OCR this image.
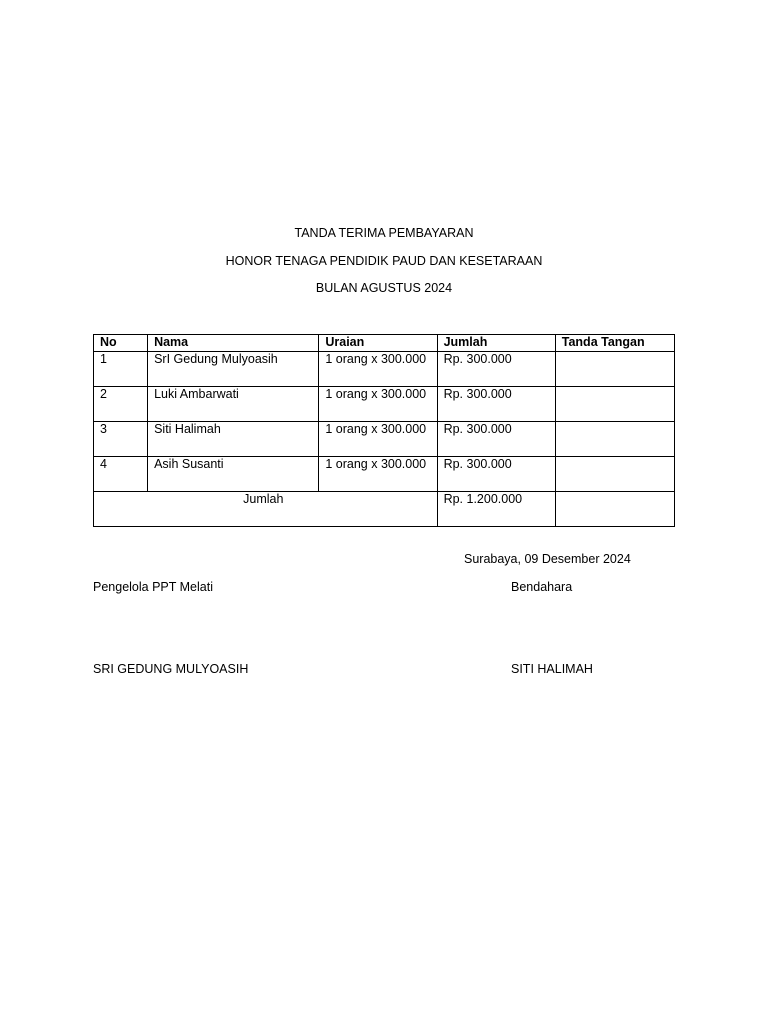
TANDA TERIMA PEMBAYARAN
HONOR TENAGA PENDIDIK PAUD DAN KESETARAAN
BULAN AGUSTUS 2024
No	Nama	Uraian	Jumlah	Tanda Tangan
1	SrI Gedung Mulyoasih	1 orang x 300.000	Rp. 300.000	
2	Luki Ambarwati	1 orang x 300.000	Rp. 300.000	
3	Siti Halimah	1 orang x 300.000	Rp. 300.000	
4	Asih Susanti	1 orang x 300.000	Rp. 300.000	
Jumlah			Rp. 1.200.000	
Surabaya, 09 Desember 2024
Pengelola PPT Melati	Bendahara
SRI GEDUNG MULYOASIH	SITI HALIMAH
